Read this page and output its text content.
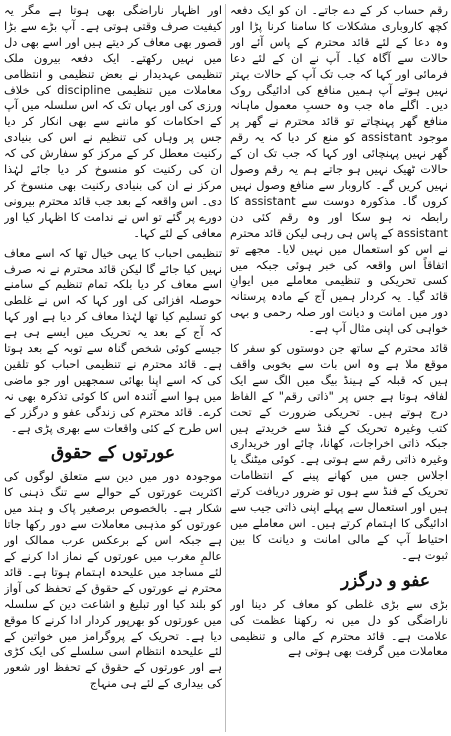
رقم حساب کر کے دے جاتے۔ ان کو ایک دفعہ کچھ کاروباری مشکلات کا سامنا کرنا پڑا اور وہ دعا کے لئے قائد محترم کے پاس آئے اور حالات سے آگاہ کیا۔ آپ نے ان کے لئے دعا فرمائی اور کہا کہ جب تک آپ کے حالات بہتر نہیں ہوتے آپ ہمیں منافع کی ادائیگی روک دیں۔ اگلے ماہ جب وہ حسبِ معمول ماہانہ منافع گھر پہنچاتے تو قائد محترم نے گھر پر موجود assistant کو منع کر دیا کہ یہ رقم گھر نہیں پہنچائی اور کہا کہ جب تک ان کے حالات ٹھیک نہیں ہو جاتے ہم یہ رقم وصول نہیں کریں گے۔ کاروبار سے منافع وصول نہیں کروں گا۔ مذکورہ دوست سے assistant کا رابطہ نہ ہو سکا اور وہ رقم کئی دن assistant کے پاس ہی رہی لیکن قائد محترم نے اس کو استعمال میں نہیں لایا۔ مجھے تو اتفاقاً اس واقعہ کی خبر ہوئی جبکہ میں کسی تحریکی و تنظیمی معاملے میں ایوانِ قائد گیا۔ یہ کردار ہمیں آج کے مادہ پرستانہ دور میں امانت و دیانت اور صلہ رحمی و بہی خواہی کی اپنی مثال آپ ہے۔

قائد محترم کے ساتھ جن دوستوں کو سفر کا موقع ملا ہے وہ اس بات سے بخوبی واقف ہیں کہ قبلہ کے ہینڈ بیگ میں الگ سے ایک لفافہ ہوتا ہے جس پر "ذاتی رقم" کے الفاظ درج ہوتے ہیں۔ تحریکی ضرورت کے تحت کتب وغیرہ تحریک کے فنڈ سے خریدتے ہیں جبکہ ذاتی اخراجات، کھانا، چائے اور خریداری وغیرہ ذاتی رقم سے ہوتی ہے۔ کوئی میٹنگ یا اجلاس جس میں کھانے پینے کے انتظامات تحریک کے فنڈ سے ہوں تو ضرور دریافت کرتے ہیں اور استعمال سے پہلے اپنی ذاتی جیب سے ادائیگی کا اہتمام کرتے ہیں۔ اس معاملے میں احتیاط آپ کے مالی امانت و دیانت کا بین ثبوت ہے۔

عفو و درگزر

بڑی سے بڑی غلطی کو معاف کر دینا اور ناراضگی کو دل میں نہ رکھنا عظمت کی علامت ہے۔ قائد محترم کے مالی و تنظیمی معاملات میں گرفت بھی ہوتی ہے

اور اظہار ناراضگی بھی ہوتا ہے مگر یہ کیفیت صرف وقتی ہوتی ہے۔ آپ بڑے سے بڑا قصور بھی معاف کر دیتے ہیں اور اسے بھی دل میں نہیں رکھتے۔ ایک دفعہ بیرون ملک تنظیمی عہدیدار نے بعض تنظیمی و انتظامی معاملات میں تنظیمی discipline کی خلاف ورزی کی اور یہاں تک کہ اس سلسلہ میں آپ کے احکامات کو ماننے سے بھی انکار کر دیا جس پر وہاں کی تنظیم نے اس کی بنیادی رکنیت معطل کر کے مرکز کو سفارش کی کہ ان کی رکنیت کو منسوخ کر دیا جائے لہٰذا مرکز نے ان کی بنیادی رکنیت بھی منسوخ کر دی۔ اس واقعہ کے بعد جب قائد محترم بیرونی دورے پر گئے تو اس نے ندامت کا اظہار کیا اور معافی کے لئے کہا۔

تنظیمی احباب کا یہی خیال تھا کہ اسے معاف نہیں کیا جائے گا لیکن قائد محترم نے نہ صرف اسے معاف کر دیا بلکہ تمام تنظیم کے سامنے حوصلہ افزائی کی اور کہا کہ اس نے غلطی کو تسلیم کیا تھا لہٰذا معاف کر دیا ہے اور کہا کہ آج کے بعد یہ تحریک میں ایسے ہی ہے جیسے کوئی شخص گناہ سے توبہ کے بعد ہوتا ہے۔ قائد محترم نے تنظیمی احباب کو تلقین کی کہ اسے اپنا بھائی سمجھیں اور جو ماضی میں ہوا اسے آئندہ اس کا کوئی تذکرہ بھی نہ کرے۔ قائد محترم کی زندگی عفو و درگزر کے اس طرح کے کئی واقعات سے بھری پڑی ہے۔

عورتوں کے حقوق

موجودہ دور میں دین سے متعلق لوگوں کی اکثریت عورتوں کے حوالے سے تنگ ذہنی کا شکار ہے۔ بالخصوص برصغیر پاک و ہند میں عورتوں کو مذہبی معاملات سے دور رکھا جاتا ہے جبکہ اس کے برعکس عرب ممالک اور عالمِ مغرب میں عورتوں کے نماز ادا کرنے کے لئے مساجد میں علیحدہ اہتمام ہوتا ہے۔ قائد محترم نے عورتوں کے حقوق کے تحفظ کی آواز کو بلند کیا اور تبلیغ و اشاعت دین کے سلسلہ میں عورتوں کو بھرپور کردار ادا کرنے کا موقع دیا ہے۔ تحریک کے پروگرامز میں خواتین کے لئے علیحدہ انتظام اسی سلسلے کی ایک کڑی ہے اور عورتوں کے حقوق کے تحفظ اور شعور کی بیداری کے لئے ہی منہاج
